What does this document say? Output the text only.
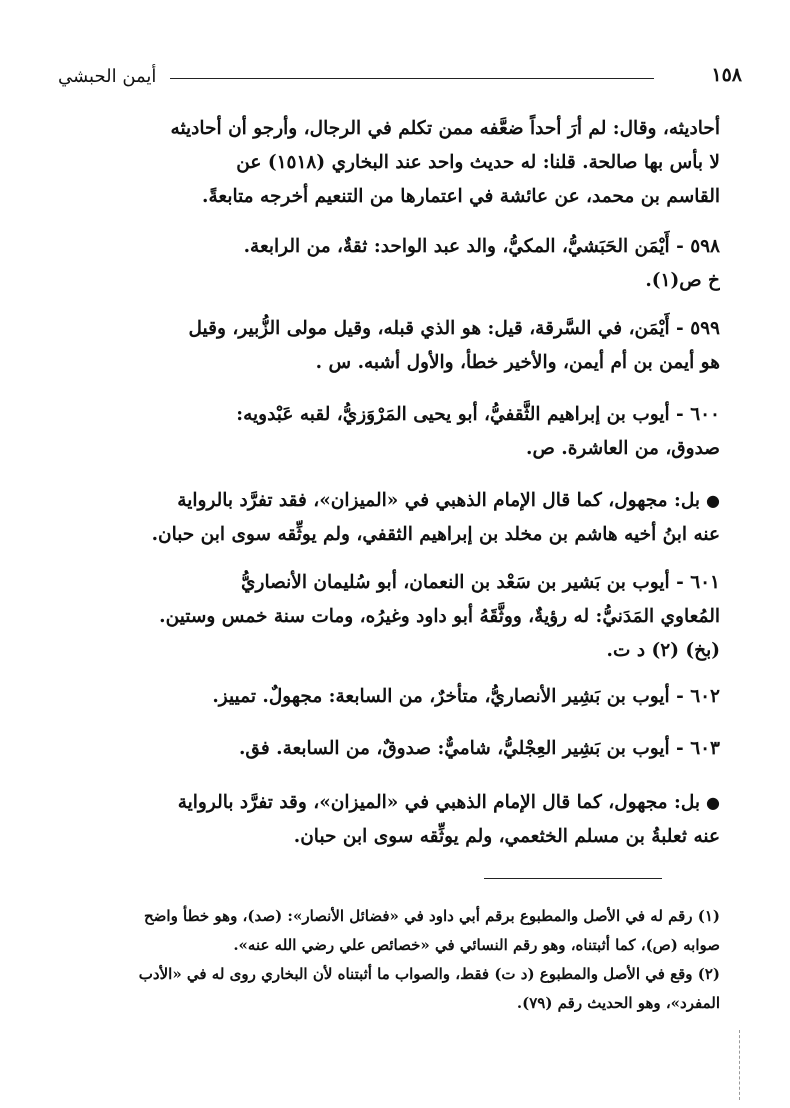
١٥٨
أيمن الحبشي
أحاديثه، وقال: لم أرَ أحداً ضعَّفه ممن تكلم في الرجال، وأرجو أن أحاديثه
لا بأس بها صالحة. قلنا: له حديث واحد عند البخاري (١٥١٨) عن
القاسم بن محمد، عن عائشة في اعتمارها من التنعيم أخرجه متابعةً.
٥٩٨ - أَيْمَن الحَبَشيُّ، المكيُّ، والد عبد الواحد: ثقةٌ، من الرابعة.
خ ص(١).
٥٩٩ - أَيْمَن، في السَّرقة، قيل: هو الذي قبله، وقيل مولى الزُّبير، وقيل
هو أيمن بن أم أيمن، والأخير خطأ، والأول أشبه. س .
٦٠٠ - أيوب بن إبراهيم الثَّقفيُّ، أبو يحيى المَرْوَزيُّ، لقبه عَبْدويه:
صدوق، من العاشرة. ص.
●بل: مجهول، كما قال الإمام الذهبي في «الميزان»، فقد تفرَّد بالرواية
عنه ابنُ أخيه هاشم بن مخلد بن إبراهيم الثقفي، ولم يوثِّقه سوى ابن حبان.
٦٠١ - أيوب بن بَشير بن سَعْد بن النعمان، أبو سُليمان الأنصاريُّ
المُعاوي المَدَنيُّ: له رؤيةٌ، ووثَّقَهُ أبو داود وغيرُه، ومات سنة خمس وستين.
(بخ) (٢) د ت.
٦٠٢ - أيوب بن بَشِير الأنصاريُّ، متأخرٌ، من السابعة: مجهولٌ. تمييز.
٦٠٣ - أيوب بن بَشِير العِجْليُّ، شاميٌّ: صدوقٌ، من السابعة. فق.
●بل: مجهول، كما قال الإمام الذهبي في «الميزان»، وقد تفرَّد بالرواية
عنه ثعلبةُ بن مسلم الخثعمي، ولم يوثِّقه سوى ابن حبان.
(١) رقم له في الأصل والمطبوع برقم أبي داود في «فضائل الأنصار»: (صد)، وهو خطأ واضح
صوابه (ص)، كما أثبتناه، وهو رقم النسائي في «خصائص علي رضي الله عنه».
(٢) وقع في الأصل والمطبوع (د ت) فقط، والصواب ما أثبتناه لأن البخاري روى له في «الأدب
المفرد»، وهو الحديث رقم (٧٩).
